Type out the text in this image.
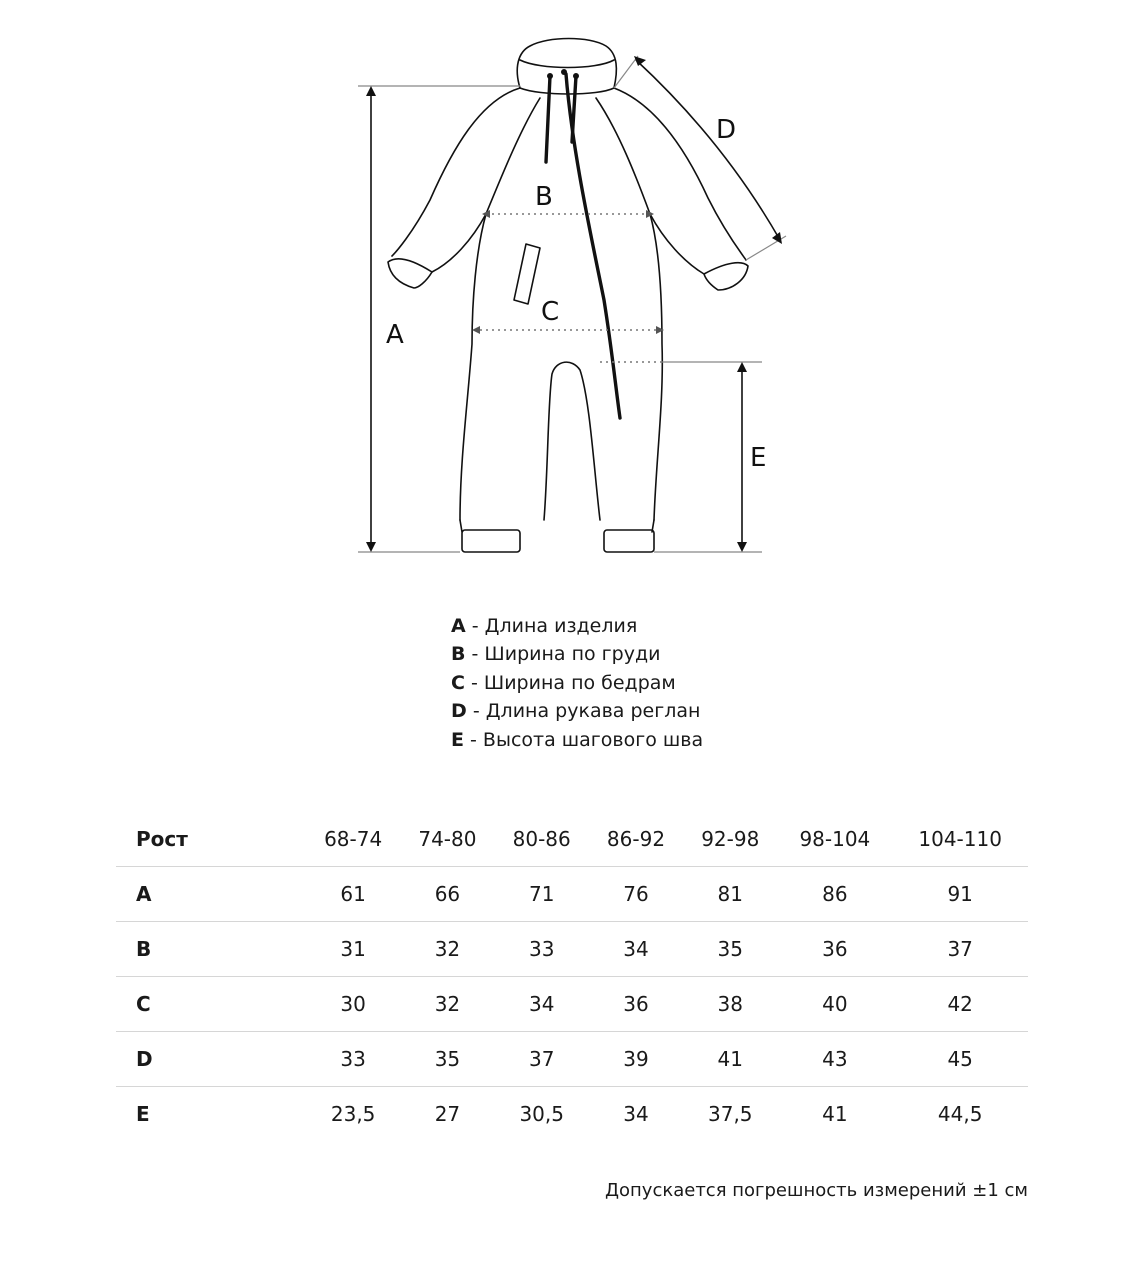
A
B
C
D
E
A - Длина изделия
B - Ширина по груди
C - Ширина по бедрам
D - Длина рукава реглан
E - Высота шагового шва
Рост	68-74	74-80	80-86	86-92	92-98	98-104	104-110
A	61	66	71	76	81	86	91
B	31	32	33	34	35	36	37
C	30	32	34	36	38	40	42
D	33	35	37	39	41	43	45
E	23,5	27	30,5	34	37,5	41	44,5
Допускается погрешность измерений ±1 см
